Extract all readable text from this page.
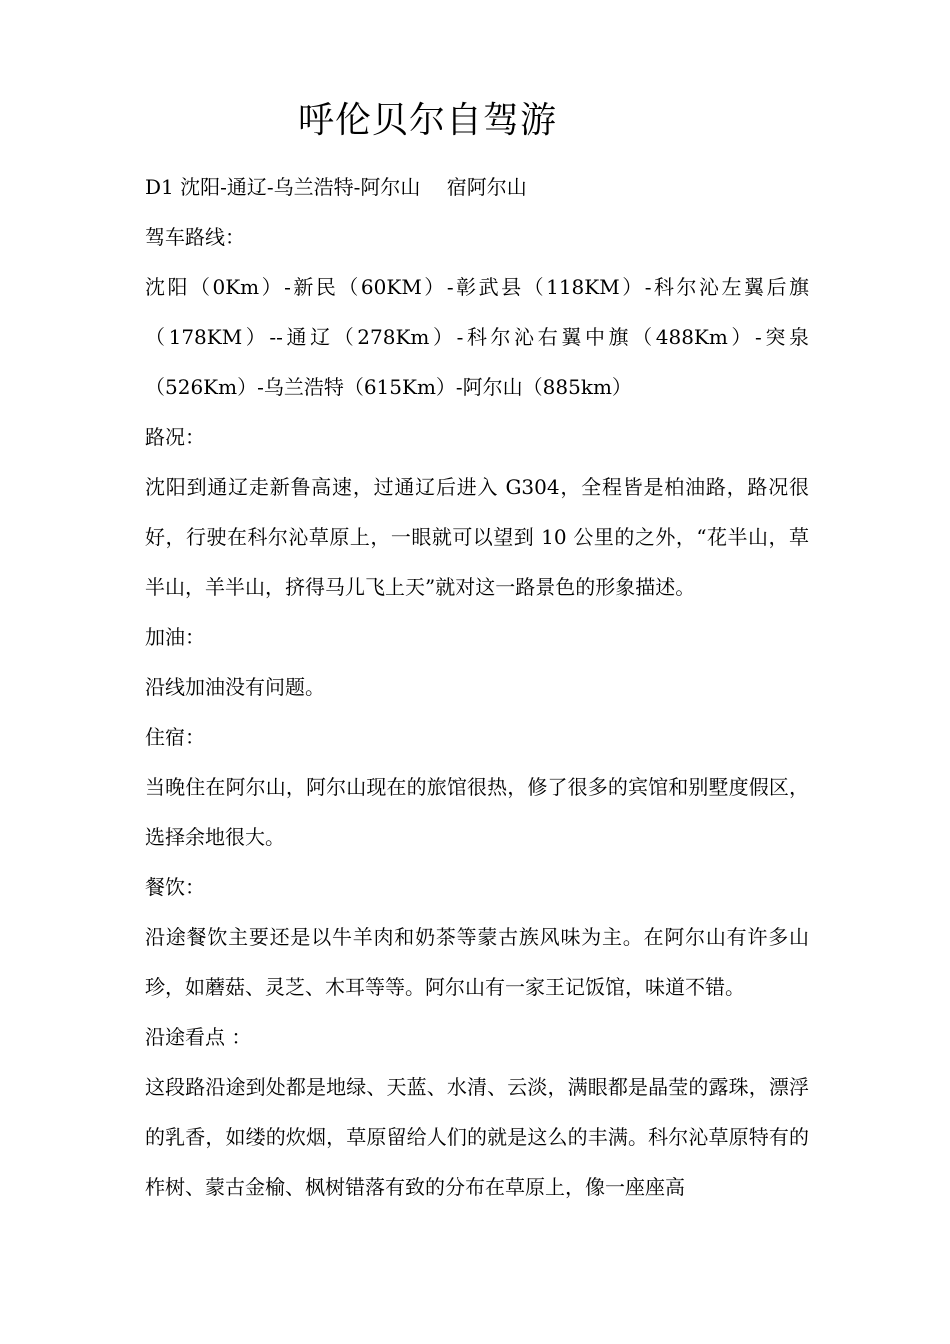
呼伦贝尔自驾游
D1 沈阳-通辽-乌兰浩特-阿尔山　 宿阿尔山
驾车路线：
沈阳（0Km）-新民（60KM）-彰武县（118KM）-科尔沁左翼后旗（178KM）--通辽（278Km）-科尔沁右翼中旗（488Km）-突泉（526Km）-乌兰浩特（615Km）-阿尔山（885km）
路况：
沈阳到通辽走新鲁高速，过通辽后进入 G304，全程皆是柏油路，路况很好，行驶在科尔沁草原上，一眼就可以望到 10 公里的之外，“花半山，草半山，羊半山，挤得马儿飞上天”就对这一路景色的形象描述。
加油：
沿线加油没有问题。
住宿：
当晚住在阿尔山，阿尔山现在的旅馆很热，修了很多的宾馆和别墅度假区，选择余地很大。
餐饮：
沿途餐饮主要还是以牛羊肉和奶茶等蒙古族风味为主。在阿尔山有许多山珍，如蘑菇、灵芝、木耳等等。阿尔山有一家王记饭馆，味道不错。
沿途看点 ：
这段路沿途到处都是地绿、天蓝、水清、云淡，满眼都是晶莹的露珠，漂浮的乳香，如缕的炊烟，草原留给人们的就是这么的丰满。科尔沁草原特有的柞树、蒙古金榆、枫树错落有致的分布在草原上，像一座座高
